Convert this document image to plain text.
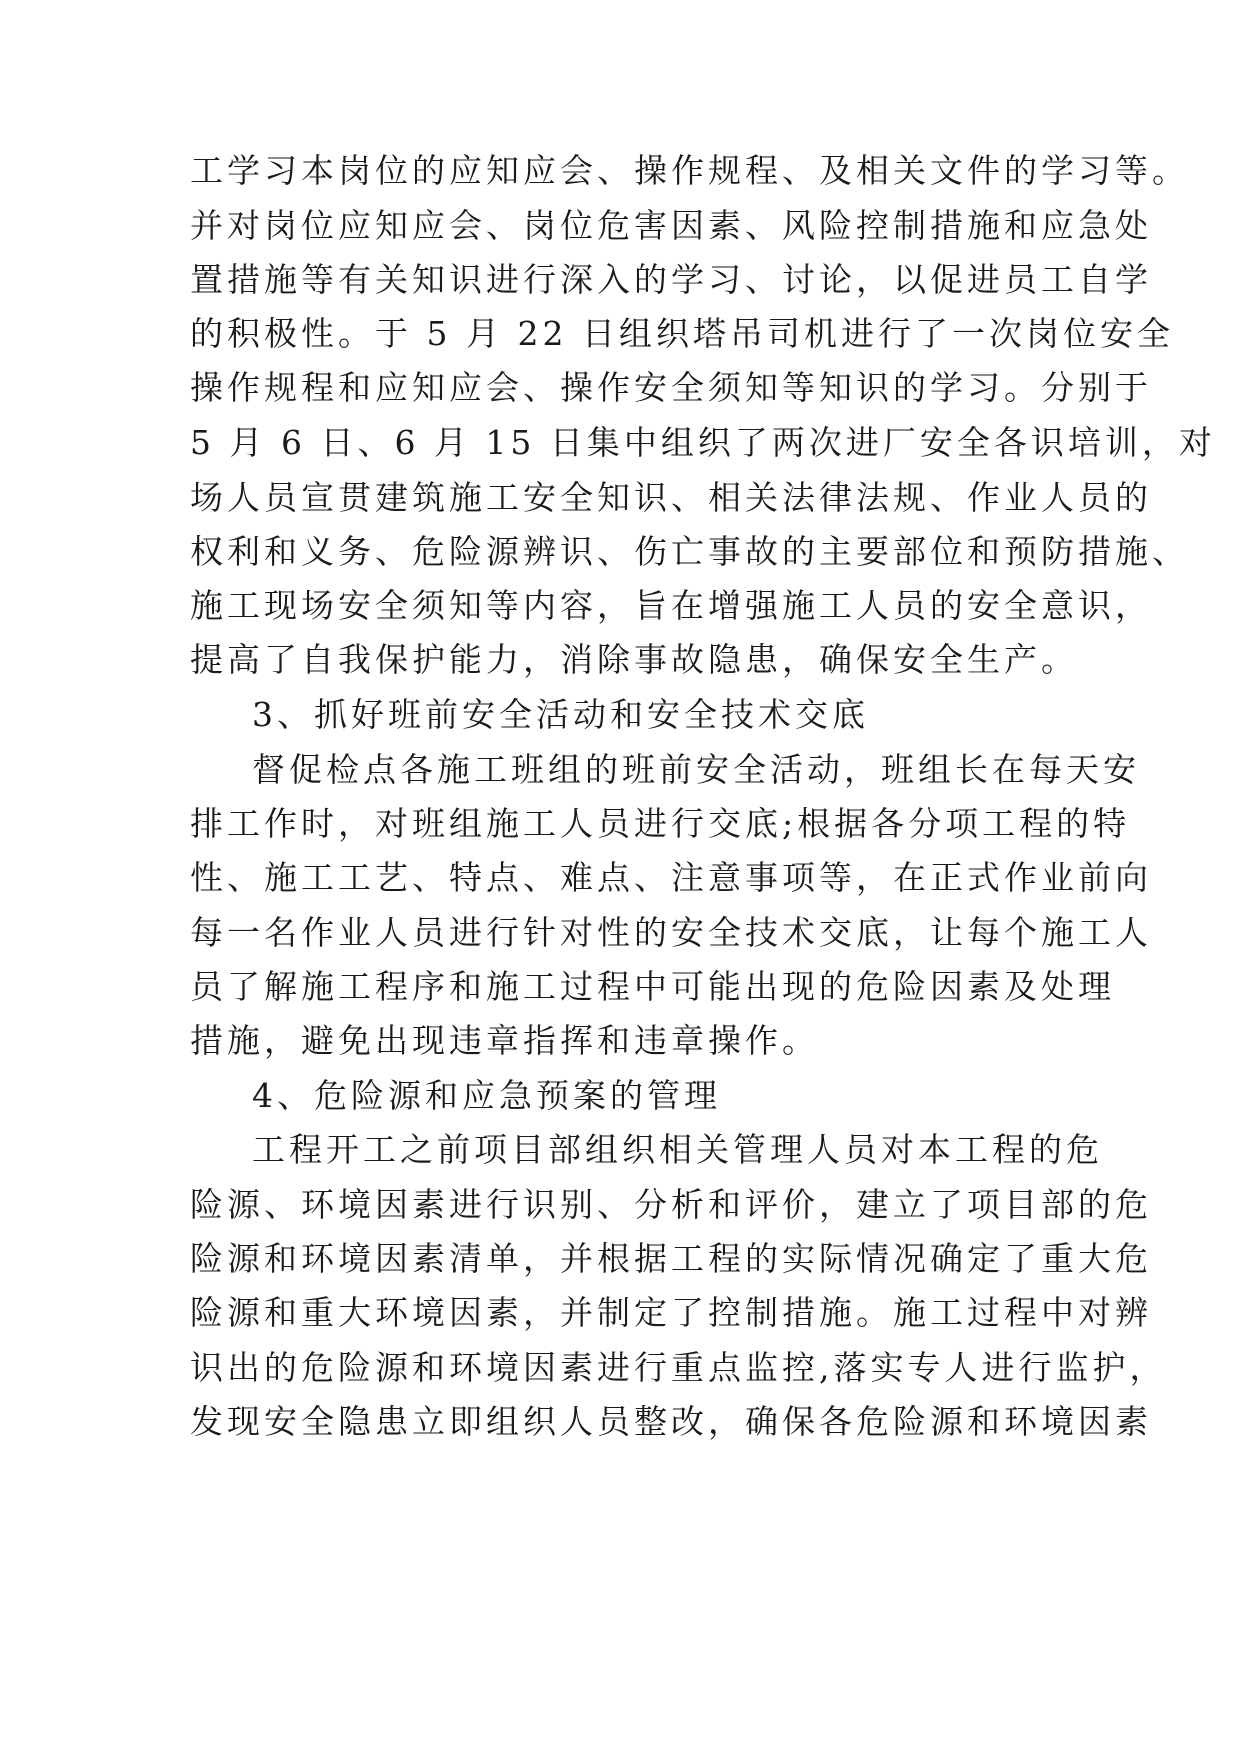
工学习本岗位的应知应会、操作规程、及相关文件的学习等。
并对岗位应知应会、岗位危害因素、风险控制措施和应急处
置措施等有关知识进行深入的学习、讨论，以促进员工自学
的积极性。于 5 月 22 日组织塔吊司机进行了一次岗位安全
操作规程和应知应会、操作安全须知等知识的学习。分别于
5 月 6 日、6 月 15 日集中组织了两次进厂安全各识培训，对
场人员宣贯建筑施工安全知识、相关法律法规、作业人员的
权利和义务、危险源辨识、伤亡事故的主要部位和预防措施、
施工现场安全须知等内容，旨在增强施工人员的安全意识，
提高了自我保护能力，消除事故隐患，确保安全生产。
3、抓好班前安全活动和安全技术交底
督促检点各施工班组的班前安全活动，班组长在每天安
排工作时，对班组施工人员进行交底;根据各分项工程的特
性、施工工艺、特点、难点、注意事项等，在正式作业前向
每一名作业人员进行针对性的安全技术交底，让每个施工人
员了解施工程序和施工过程中可能出现的危险因素及处理
措施，避免出现违章指挥和违章操作。
4、危险源和应急预案的管理
工程开工之前项目部组织相关管理人员对本工程的危
险源、环境因素进行识别、分析和评价，建立了项目部的危
险源和环境因素清单，并根据工程的实际情况确定了重大危
险源和重大环境因素，并制定了控制措施。施工过程中对辨
识出的危险源和环境因素进行重点监控,落实专人进行监护，
发现安全隐患立即组织人员整改，确保各危险源和环境因素
